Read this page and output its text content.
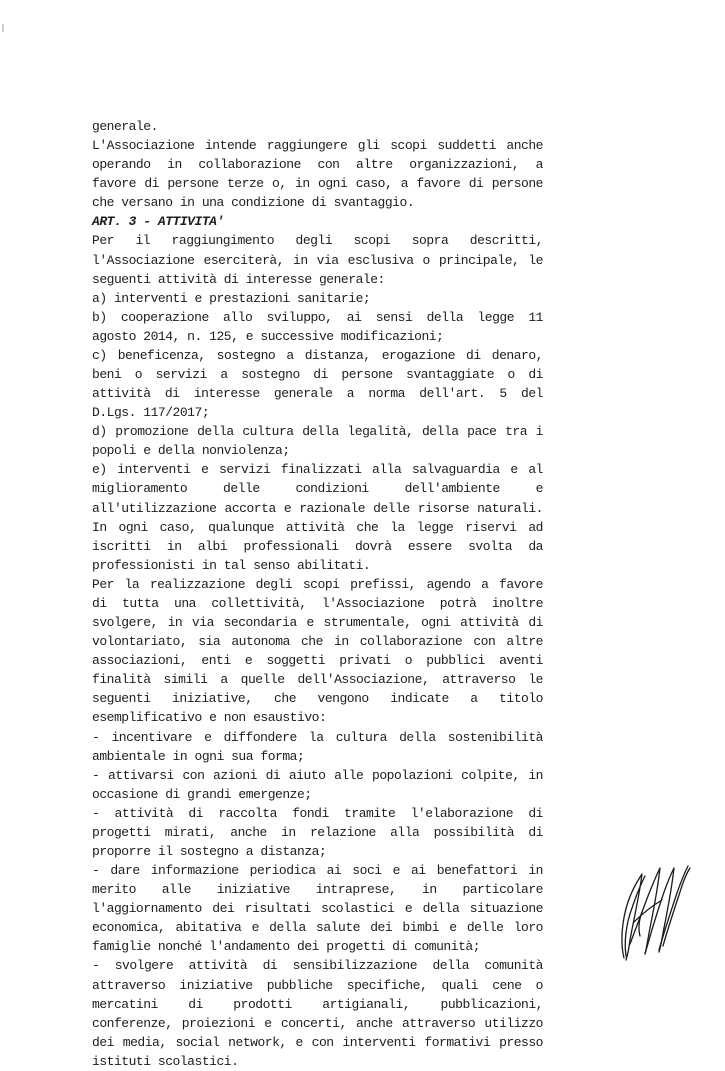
generale.
L'Associazione intende raggiungere gli scopi suddetti anche
operando in collaborazione con altre organizzazioni, a
favore di persone terze o, in ogni caso, a favore di persone
che versano in una condizione di svantaggio.
ART. 3 - ATTIVITA'
Per il raggiungimento degli scopi sopra descritti,
l'Associazione eserciterà, in via esclusiva o principale, le
seguenti attività di interesse generale:
a) interventi e prestazioni sanitarie;
b) cooperazione allo sviluppo, ai sensi della legge 11
agosto 2014, n. 125, e successive modificazioni;
c) beneficenza, sostegno a distanza, erogazione di denaro,
beni o servizi a sostegno di persone svantaggiate o di
attività di interesse generale a norma dell'art. 5 del
D.Lgs. 117/2017;
d) promozione della cultura della legalità, della pace tra i
popoli e della nonviolenza;
e) interventi e servizi finalizzati alla salvaguardia e al
miglioramento delle condizioni dell'ambiente e
all'utilizzazione accorta e razionale delle risorse naturali.
In ogni caso, qualunque attività che la legge riservi ad
iscritti in albi professionali dovrà essere svolta da
professionisti in tal senso abilitati.
Per la realizzazione degli scopi prefissi, agendo a favore
di tutta una collettività, l'Associazione potrà inoltre
svolgere, in via secondaria e strumentale, ogni attività di
volontariato, sia autonoma che in collaborazione con altre
associazioni, enti e soggetti privati o pubblici aventi
finalità simili a quelle dell'Associazione, attraverso le
seguenti iniziative, che vengono indicate a titolo
esemplificativo e non esaustivo:
- incentivare e diffondere la cultura della sostenibilità
ambientale in ogni sua forma;
- attivarsi con azioni di aiuto alle popolazioni colpite, in
occasione di grandi emergenze;
- attività di raccolta fondi tramite l'elaborazione di
progetti mirati, anche in relazione alla possibilità di
proporre il sostegno a distanza;
- dare informazione periodica ai soci e ai benefattori in
merito alle iniziative intraprese, in particolare
l'aggiornamento dei risultati scolastici e della situazione
economica, abitativa e della salute dei bimbi e delle loro
famiglie nonché l'andamento dei progetti di comunità;
- svolgere attività di sensibilizzazione della comunità
attraverso iniziative pubbliche specifiche, quali cene o
mercatini di prodotti artigianali, pubblicazioni,
conferenze, proiezioni e concerti, anche attraverso utilizzo
dei media, social network, e con interventi formativi presso
istituti scolastici.
